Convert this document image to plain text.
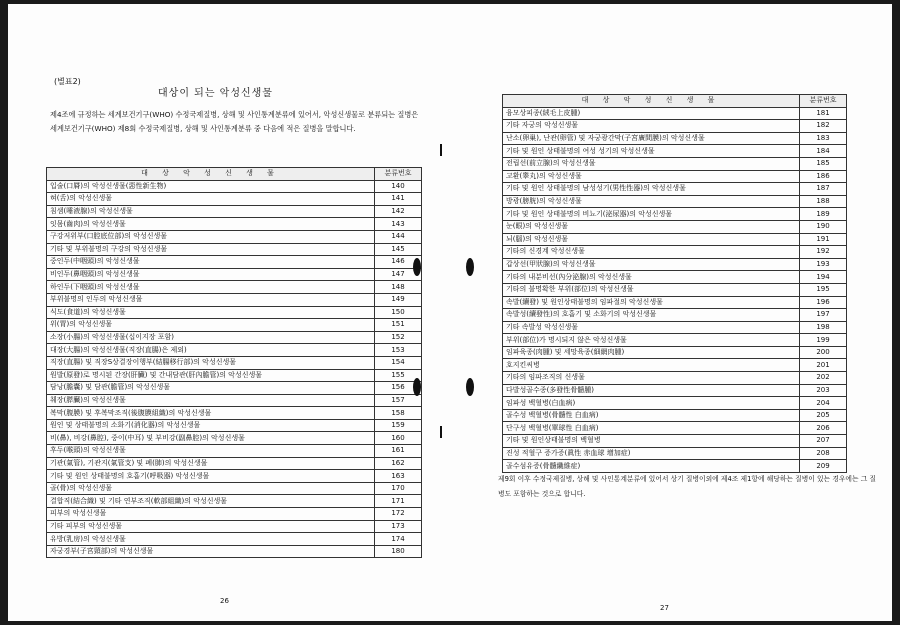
(별표2)
대상이 되는 악성신생물
제4조에 규정하는 세계보건기구(WHO) 수정국제질병, 상해 및 사인통계분류에 있어서, 악성신생물로 분류되는 질병은 세계보건기구(WHO) 제8회 수정국제질병, 상해 및 사인통계분류 중 다음에 적은 질병을 말합니다.
대 상 악 성 신 생 물	분류번호
입술(口脣)의 악성신생물(惡性新生物)	140
혀(舌)의 악성신생물	141
침샘(唾液腺)의 악성신생물	142
잇몸(齒肉)의 악성신생물	143
구강저위부(口腔底位部)의 악성신생물	144
기타 및 부위불명의 구강의 악성신생물	145
중인두(中咽頭)의 악성신생물	146
비인두(鼻咽頭)의 악성신생물	147
하인두(下咽頭)의 악성신생물	148
부위불명의 인두의 악성신생물	149
식도(食道)의 악성신생물	150
위(胃)의 악성신생물	151
소장(小腸)의 악성신생물(십이지장 포함)	152
대장(大腸)의 악성신생물(직장(直腸)은 제외)	153
직장(直腸) 및 직장S상결장이행부(結腸移行部)의 악성신생물	154
원발(原發)로 명시된 간장(肝臟) 및 간내담관(肝內膽管)의 악성신생물	155
담낭(膽囊) 및 담관(膽管)의 악성신생물	156
췌장(膵臟)의 악성신생물	157
복막(腹膜) 및 후복막조직(後腹膜組織)의 악성신생물	158
원인 및 상태불명의 소화기(消化器)의 악성신생물	159
비(鼻), 비강(鼻腔), 중이(中耳) 및 부비강(副鼻腔)의 악성신생물	160
후두(喉頭)의 악성신생물	161
기관(氣管), 기관지(氣管支) 및 폐(肺)의 악성신생물	162
기타 및 원인 상태불명의 호흡기(呼吸器) 악성신생물	163
골(骨)의 악성신생물	170
결합직(結合織) 및 기타 연부조직(軟部組織)의 악성신생물	171
피부의 악성신생물	172
기타 피부의 악성신생물	173
유방(乳房)의 악성신생물	174
자궁경부(子宮頸部)의 악성신생물	180
26
대 상 악 성 신 생 물	분류번호
융모상피종(絨毛上皮腫)	181
기타 자궁의 악성신생물	182
난소(卵巢), 난관(卵管) 및 자궁광간막(子宮廣間膜)의 악성신생물	183
기타 및 원인 상태불명의 여성 성기의 악성신생물	184
전립선(前立腺)의 악성신생물	185
고환(睾丸)의 악성신생물	186
기타 및 원인 상태불명의 남성성기(男性性器)의 악성신생물	187
방광(膀胱)의 악성신생물	188
기타 및 원인 상태불명의 비뇨기(泌尿器)의 악성신생물	189
눈(眼)의 악성신생물	190
뇌(腦)의 악성신생물	191
기타의 신경계 악성신생물	192
갑상선(甲狀腺)의 악성신생물	193
기타의 내분비선(內分泌腺)의 악성신생물	194
기타의 불명확한 부위(部位)의 악성신생물	195
속발(續發) 및 원인상태불명의 임파절의 악성신생물	196
속발성(續發性)의 호흡기 및 소화기의 악성신생물	197
기타 속발성 악성신생물	198
부위(部位)가 명시되지 않은 악성신생물	199
임파육종(肉腫) 및 세망육종(細網肉腫)	200
호지킨씨병	201
기타의 임파조직의 신생물	202
다발성골수종(多發性骨髓腫)	203
임파성 백혈병(白血病)	204
골수성 백혈병(骨髓性 白血病)	205
단구성 백혈병(單球性 白血病)	206
기타 및 원인상태불명의 백혈병	207
진성 적혈구 증가증(眞性 赤血球 增加症)	208
골수섬유증(骨髓纖維症)	209
제9회 이후 수정국제질병, 상해 및 사인통계분류에 있어서 상기 질병이외에 제4조 제1항에 해당하는 질병이 있는 경우에는 그 질병도 포함하는 것으로 합니다.
27
